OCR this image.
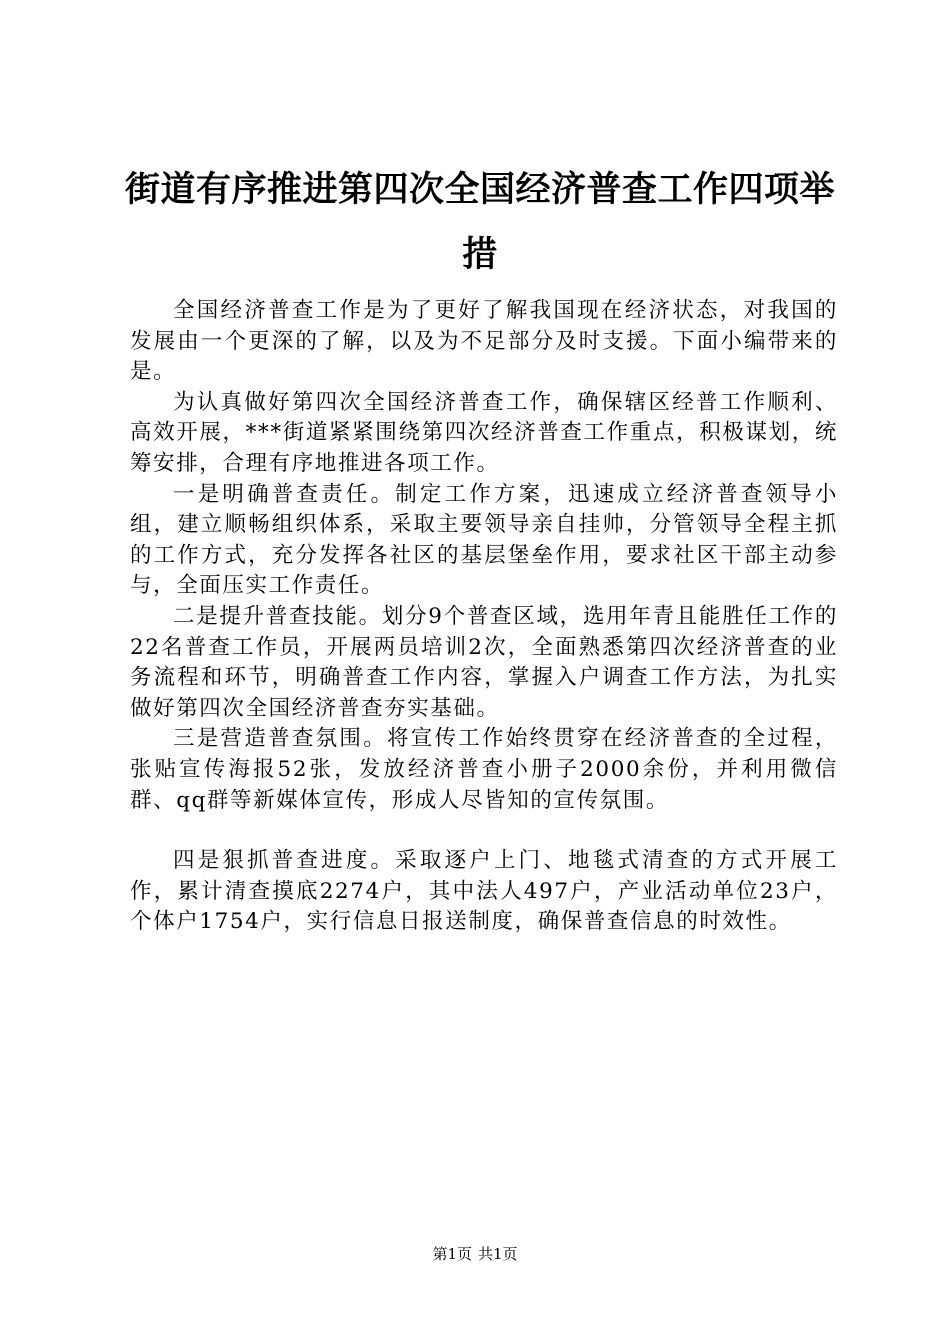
街道有序推进第四次全国经济普查工作四项举措

全国经济普查工作是为了更好了解我国现在经济状态，对我国的发展由一个更深的了解，以及为不足部分及时支援。下面小编带来的是。

为认真做好第四次全国经济普查工作，确保辖区经普工作顺利、高效开展，***街道紧紧围绕第四次经济普查工作重点，积极谋划，统筹安排，合理有序地推进各项工作。

一是明确普查责任。制定工作方案，迅速成立经济普查领导小组，建立顺畅组织体系，采取主要领导亲自挂帅，分管领导全程主抓的工作方式，充分发挥各社区的基层堡垒作用，要求社区干部主动参与，全面压实工作责任。

二是提升普查技能。划分9个普查区域，选用年青且能胜任工作的22名普查工作员，开展两员培训2次，全面熟悉第四次经济普查的业务流程和环节，明确普查工作内容，掌握入户调查工作方法，为扎实做好第四次全国经济普查夯实基础。

三是营造普查氛围。将宣传工作始终贯穿在经济普查的全过程，张贴宣传海报52张，发放经济普查小册子2000余份，并利用微信群、qq群等新媒体宣传，形成人尽皆知的宣传氛围。

四是狠抓普查进度。采取逐户上门、地毯式清查的方式开展工作，累计清查摸底2274户，其中法人497户，产业活动单位23户，个体户1754户，实行信息日报送制度，确保普查信息的时效性。

第1页 共1页
